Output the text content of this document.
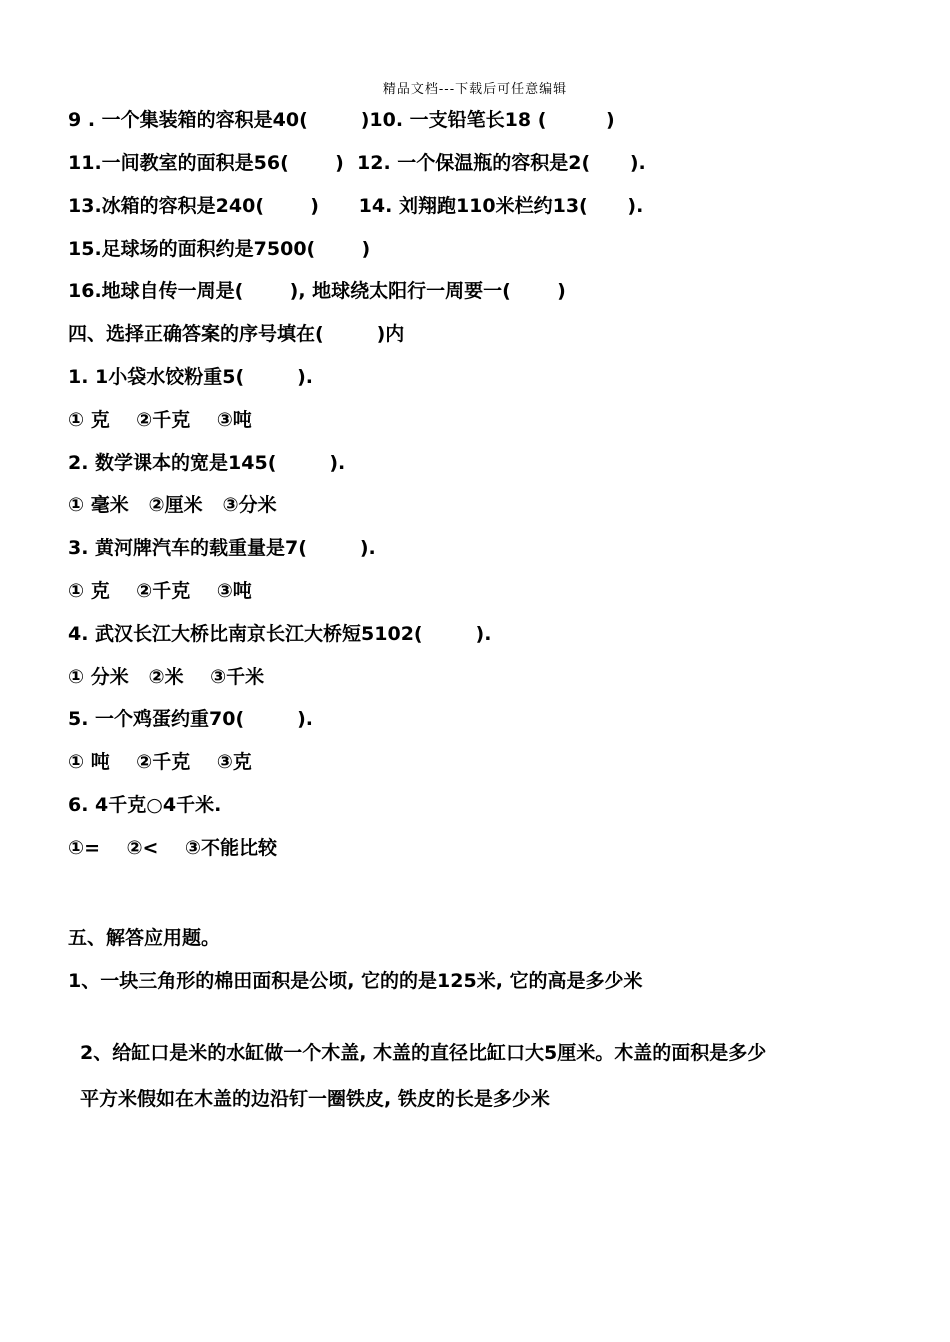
精品文档---下载后可任意编辑
9 . 一个集装箱的容积是40(        )10. 一支铅笔长18 (         )
11.一间教室的面积是56(       )  12. 一个保温瓶的容积是2(      ).
13.冰箱的容积是240(       )      14. 刘翔跑110米栏约13(      ).
15.足球场的面积约是7500(       )
16.地球自传一周是(       ), 地球绕太阳行一周要一(       )
四、选择正确答案的序号填在(        )内
1. 1小袋水饺粉重5(        ).
① 克    ②千克    ③吨
2. 数学课本的宽是145(        ).
① 毫米   ②厘米   ③分米
3. 黄河牌汽车的载重量是7(        ).
① 克    ②千克    ③吨
4. 武汉长江大桥比南京长江大桥短5102(        ).
① 分米   ②米    ③千米
5. 一个鸡蛋约重70(        ).
① 吨    ②千克    ③克
6. 4千克○4千米.
①=    ②<    ③不能比较
五、解答应用题。
1、一块三角形的棉田面积是公顷, 它的的是125米, 它的高是多少米
2、给缸口是米的水缸做一个木盖, 木盖的直径比缸口大5厘米。木盖的面积是多少
平方米假如在木盖的边沿钉一圈铁皮, 铁皮的长是多少米
